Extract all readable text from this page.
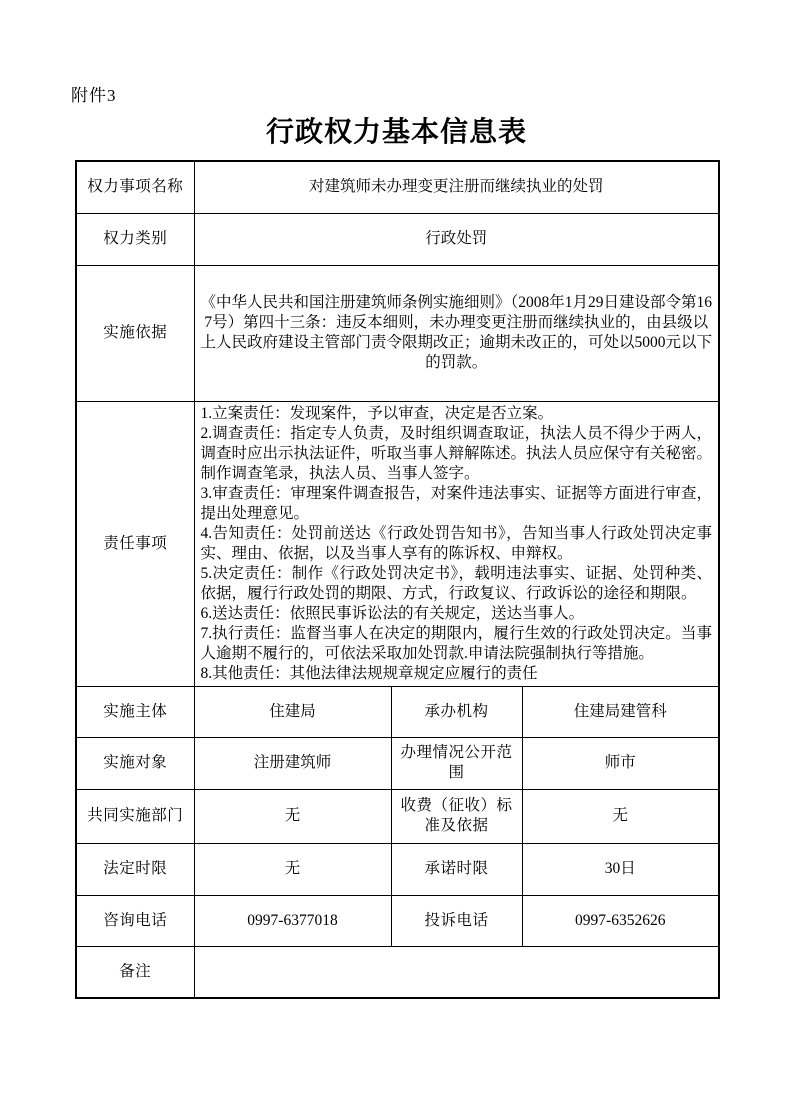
附件3
行政权力基本信息表
权力事项名称	对建筑师未办理变更注册而继续执业的处罚		
权力类别	行政处罚		
实施依据	《中华人民共和国注册建筑师条例实施细则》（2008年1月29日建设部令第167号）第四十三条：违反本细则，未办理变更注册而继续执业的，由县级以上人民政府建设主管部门责令限期改正；逾期未改正的，可处以5000元以下的罚款。		
责任事项	
1.立案责任：发现案件，予以审查，决定是否立案。
2.调查责任：指定专人负责，及时组织调查取证，执法人员不得少于两人，调查时应出示执法证件，听取当事人辩解陈述。执法人员应保守有关秘密。制作调查笔录，执法人员、当事人签字。
3.审查责任：审理案件调查报告，对案件违法事实、证据等方面进行审查，提出处理意见。
4.告知责任：处罚前送达《行政处罚告知书》，告知当事人行政处罚决定事实、理由、依据，以及当事人享有的陈诉权、申辩权。
5.决定责任：制作《行政处罚决定书》，载明违法事实、证据、处罚种类、依据，履行行政处罚的期限、方式，行政复议、行政诉讼的途径和期限。
6.送达责任：依照民事诉讼法的有关规定，送达当事人。
7.执行责任：监督当事人在决定的期限内，履行生效的行政处罚决定。当事人逾期不履行的，可依法采取加处罚款.申请法院强制执行等措施。
8.其他责任：其他法律法规规章规定应履行的责任

实施主体	住建局	承办机构	住建局建管科
实施对象	注册建筑师	办理情况公开范围	师市
共同实施部门	无	收费（征收）标准及依据	无
法定时限	无	承诺时限	30日
咨询电话	0997-6377018	投诉电话	0997-6352626
备注			
